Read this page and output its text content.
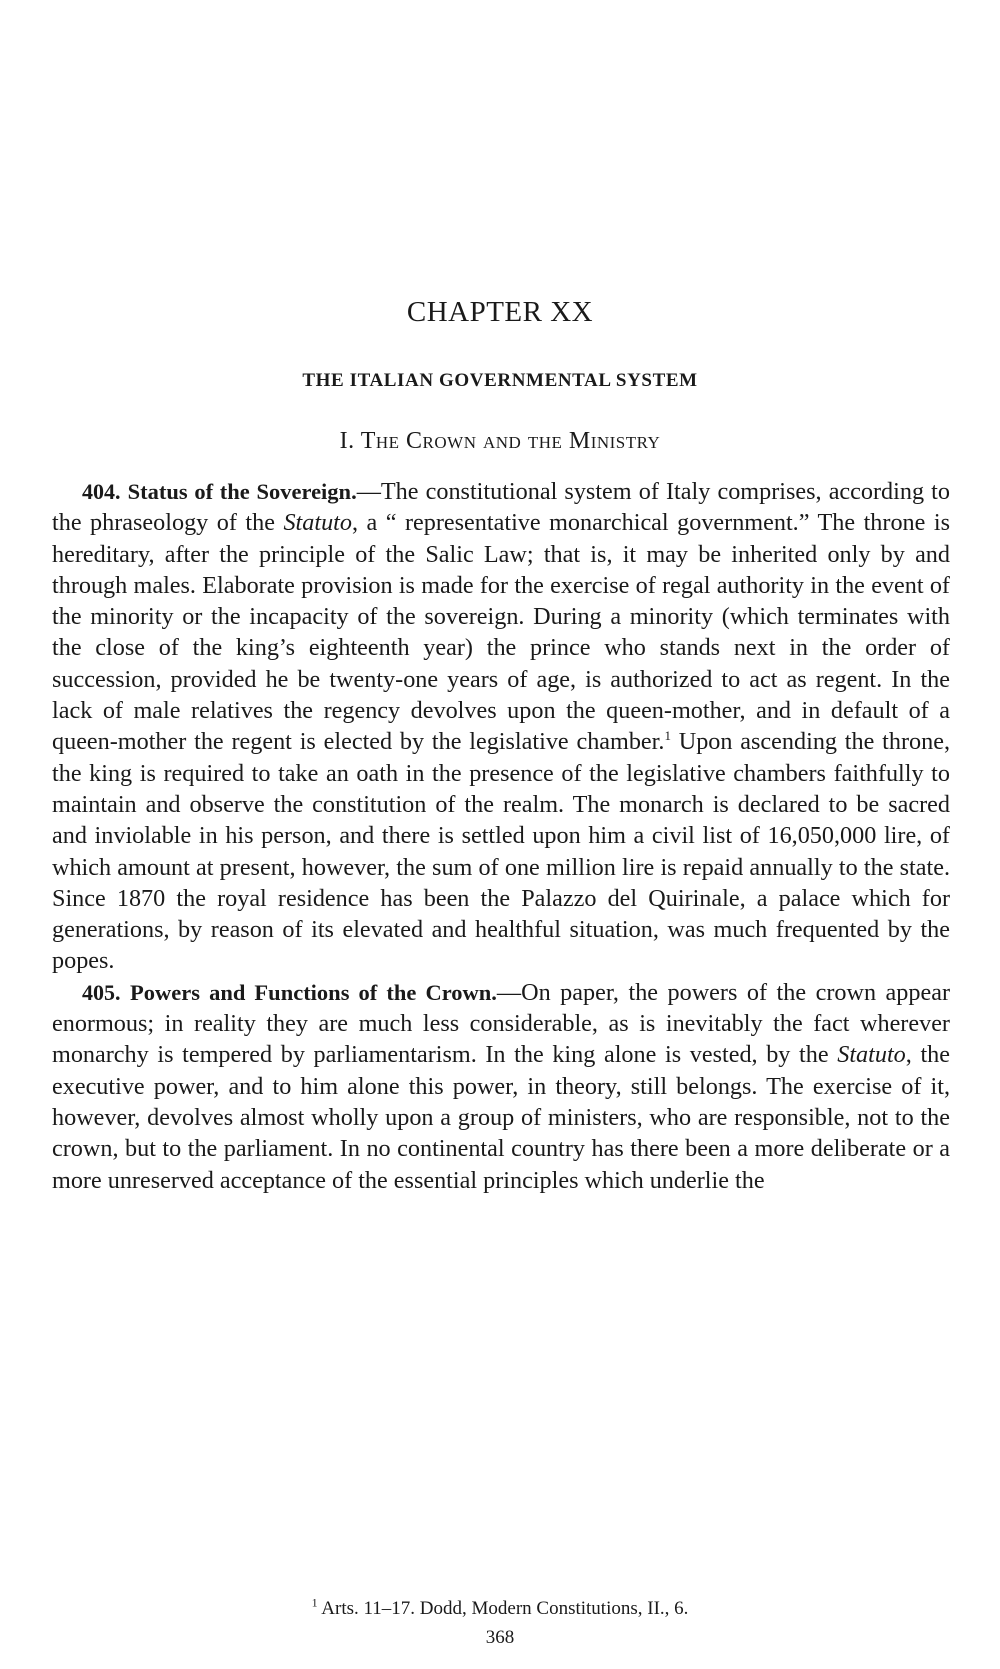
CHAPTER XX
THE ITALIAN GOVERNMENTAL SYSTEM
I. The Crown and the Ministry

404. Status of the Sovereign.—The constitutional system of Italy comprises, according to the phraseology of the Statuto, a “ representative monarchical government.” The throne is hereditary, after the principle of the Salic Law; that is, it may be inherited only by and through males. Elaborate provision is made for the exercise of regal authority in the event of the minority or the incapacity of the sovereign. During a minority (which terminates with the close of the king’s eighteenth year) the prince who stands next in the order of succession, provided he be twenty-one years of age, is authorized to act as regent. In the lack of male relatives the regency devolves upon the queen-mother, and in default of a queen-mother the regent is elected by the legislative chamber.$^1$ Upon ascending the throne, the king is required to take an oath in the presence of the legislative chambers faithfully to maintain and observe the constitution of the realm. The monarch is declared to be sacred and inviolable in his person, and there is settled upon him a civil list of 16,050,000 lire, of which amount at present, however, the sum of one million lire is repaid annually to the state. Since 1870 the royal residence has been the Palazzo del Quirinale, a palace which for generations, by reason of its elevated and healthful situation, was much frequented by the popes.

405. Powers and Functions of the Crown.—On paper, the powers of the crown appear enormous; in reality they are much less considerable, as is inevitably the fact wherever monarchy is tempered by parliamentarism. In the king alone is vested, by the Statuto, the executive power, and to him alone this power, in theory, still belongs. The exercise of it, however, devolves almost wholly upon a group of ministers, who are responsible, not to the crown, but to the parliament. In no continental country has there been a more deliberate or a more unreserved acceptance of the essential principles which underlie the

$^1$ Arts. 11–17. Dodd, Modern Constitutions, II., 6.
368
